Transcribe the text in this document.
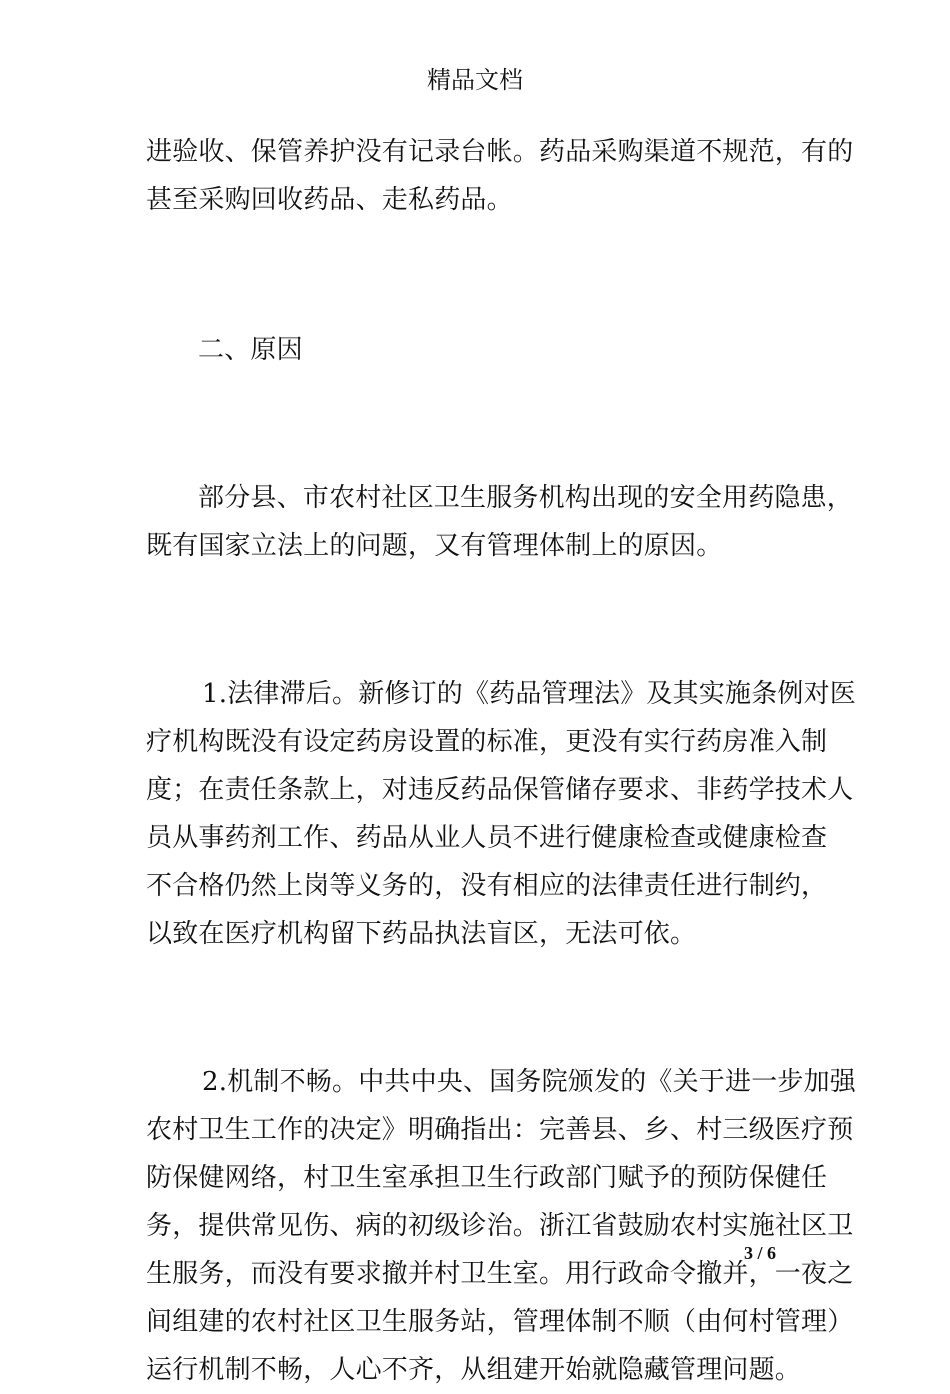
精品文档
进验收、保管养护没有记录台帐。药品采购渠道不规范，有的
甚至采购回收药品、走私药品。
二、原因
部分县、市农村社区卫生服务机构出现的安全用药隐患，
既有国家立法上的问题，又有管理体制上的原因。
1.法律滞后。新修订的《药品管理法》及其实施条例对医
疗机构既没有设定药房设置的标准，更没有实行药房准入制
度；在责任条款上，对违反药品保管储存要求、非药学技术人
员从事药剂工作、药品从业人员不进行健康检查或健康检查
不合格仍然上岗等义务的，没有相应的法律责任进行制约，
以致在医疗机构留下药品执法盲区，无法可依。
2.机制不畅。中共中央、国务院颁发的《关于进一步加强
农村卫生工作的决定》明确指出：完善县、乡、村三级医疗预
防保健网络，村卫生室承担卫生行政部门赋予的预防保健任
务，提供常见伤、病的初级诊治。浙江省鼓励农村实施社区卫
生服务，而没有要求撤并村卫生室。用行政命令撤并，一夜之
间组建的农村社区卫生服务站，管理体制不顺（由何村管理）
运行机制不畅，人心不齐，从组建开始就隐藏管理问题。
3 / 6
